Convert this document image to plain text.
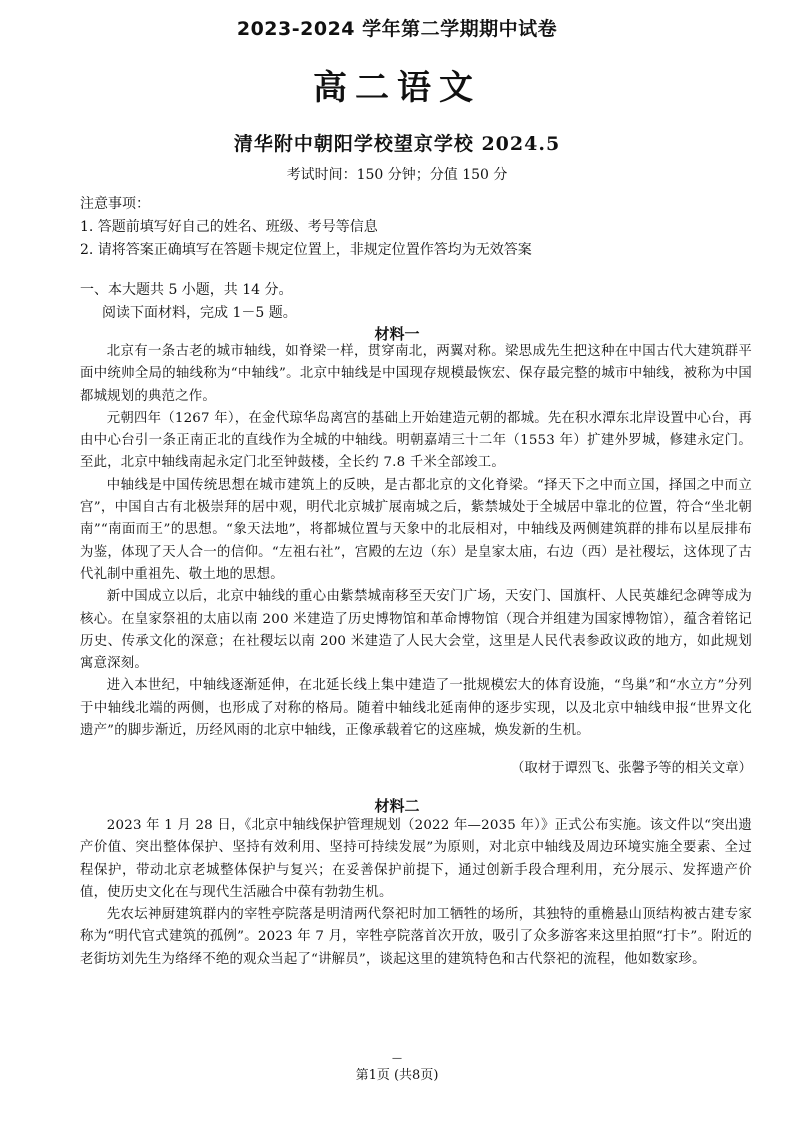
2023-2024 学年第二学期期中试卷
高二语文
清华附中朝阳学校望京学校 2024.5
考试时间：150 分钟；分值 150 分
注意事项：
1. 答题前填写好自己的姓名、班级、考号等信息
2. 请将答案正确填写在答题卡规定位置上，非规定位置作答均为无效答案
一、本大题共 5 小题，共 14 分。
阅读下面材料，完成 1－5 题。
材料一

北京有一条古老的城市轴线，如脊梁一样，贯穿南北，两翼对称。梁思成先生把这种在中国古代大建筑群平面中统帅全局的轴线称为“中轴线”。北京中轴线是中国现存规模最恢宏、保存最完整的城市中轴线，被称为中国都城规划的典范之作。

元朝四年（1267 年），在金代琼华岛离宫的基础上开始建造元朝的都城。先在积水潭东北岸设置中心台，再由中心台引一条正南正北的直线作为全城的中轴线。明朝嘉靖三十二年（1553 年）扩建外罗城，修建永定门。至此，北京中轴线南起永定门北至钟鼓楼，全长约 7.8 千米全部竣工。

中轴线是中国传统思想在城市建筑上的反映，是古都北京的文化脊梁。“择天下之中而立国，择国之中而立宫”，中国自古有北极崇拜的居中观，明代北京城扩展南城之后，紫禁城处于全城居中靠北的位置，符合“坐北朝南”“南面而王”的思想。“象天法地”，将都城位置与天象中的北辰相对，中轴线及两侧建筑群的排布以星辰排布为鉴，体现了天人合一的信仰。“左祖右社”，宫殿的左边（东）是皇家太庙，右边（西）是社稷坛，这体现了古代礼制中重祖先、敬土地的思想。

新中国成立以后，北京中轴线的重心由紫禁城南移至天安门广场，天安门、国旗杆、人民英雄纪念碑等成为核心。在皇家祭祖的太庙以南 200 米建造了历史博物馆和革命博物馆（现合并组建为国家博物馆），蕴含着铭记历史、传承文化的深意；在社稷坛以南 200 米建造了人民大会堂，这里是人民代表参政议政的地方，如此规划寓意深刻。

进入本世纪，中轴线逐渐延伸，在北延长线上集中建造了一批规模宏大的体育设施，“鸟巢”和“水立方”分列于中轴线北端的两侧，也形成了对称的格局。随着中轴线北延南伸的逐步实现，以及北京中轴线申报“世界文化遗产”的脚步渐近，历经风雨的北京中轴线，正像承载着它的这座城，焕发新的生机。

（取材于谭烈飞、张馨予等的相关文章）
材料二

2023 年 1 月 28 日，《北京中轴线保护管理规划（2022 年—2035 年）》正式公布实施。该文件以“突出遗产价值、突出整体保护、坚持有效利用、坚持可持续发展”为原则，对北京中轴线及周边环境实施全要素、全过程保护，带动北京老城整体保护与复兴；在妥善保护前提下，通过创新手段合理利用，充分展示、发挥遗产价值，使历史文化在与现代生活融合中葆有勃勃生机。

先农坛神厨建筑群内的宰牲亭院落是明清两代祭祀时加工牺牲的场所，其独特的重檐悬山顶结构被古建专家称为“明代官式建筑的孤例”。2023 年 7 月，宰牲亭院落首次开放，吸引了众多游客来这里拍照“打卡”。附近的老街坊刘先生为络绎不绝的观众当起了“讲解员”，谈起这里的建筑特色和古代祭祀的流程，他如数家珍。

—
第1页 (共8页)
